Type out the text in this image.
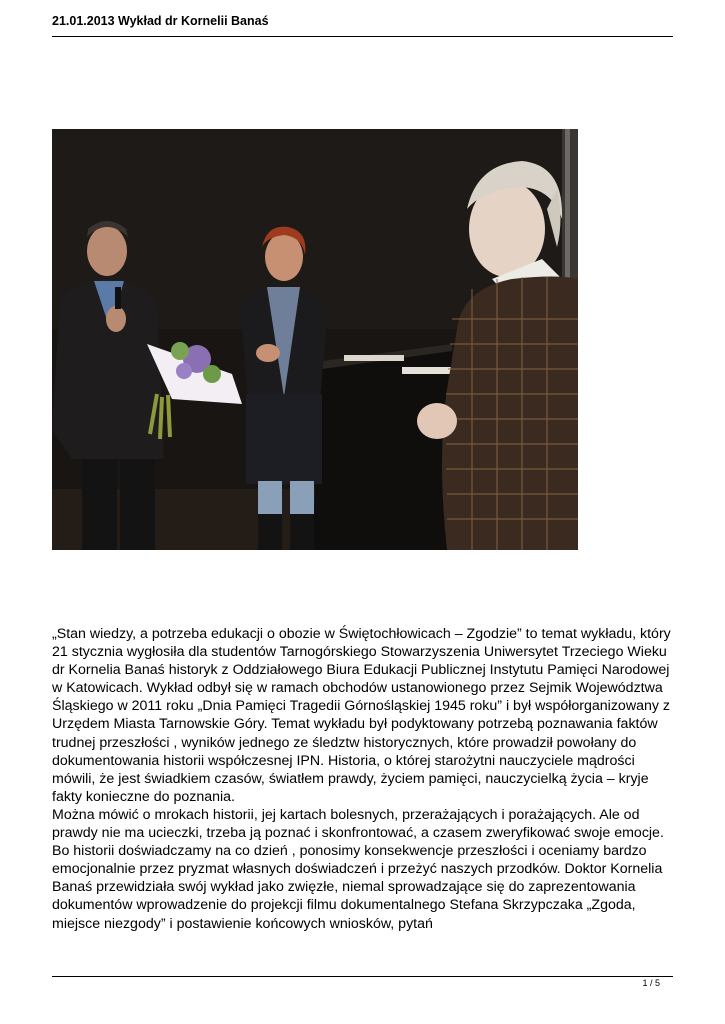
21.01.2013 Wykład dr Kornelii Banaś

„Stan wiedzy, a potrzeba edukacji o obozie w Świętochłowicach – Zgodzie” to temat wykładu, który 21 stycznia wygłosiła dla studentów Tarnogórskiego Stowarzyszenia Uniwersytet Trzeciego Wieku dr Kornelia Banaś historyk z Oddziałowego Biura Edukacji Publicznej Instytutu Pamięci Narodowej w Katowicach. Wykład odbył się w ramach obchodów ustanowionego przez Sejmik Województwa Śląskiego w 2011 roku „Dnia Pamięci Tragedii Górnośląskiej 1945 roku” i był współorganizowany z Urzędem Miasta Tarnowskie Góry. Temat wykładu był podyktowany potrzebą poznawania faktów trudnej przeszłości , wyników jednego ze śledztw historycznych, które prowadził powołany do dokumentowania historii współczesnej IPN. Historia, o której starożytni nauczyciele mądrości mówili, że jest świadkiem czasów, światłem prawdy, życiem pamięci, nauczycielką życia – kryje fakty konieczne do poznania.

Można mówić o mrokach historii, jej kartach bolesnych, przerażających i porażających. Ale od prawdy nie ma ucieczki, trzeba ją poznać i skonfrontować, a czasem zweryfikować swoje emocje. Bo historii doświadczamy na co dzień , ponosimy konsekwencje przeszłości i oceniamy bardzo emocjonalnie przez pryzmat własnych doświadczeń i przeżyć naszych przodków. Doktor Kornelia Banaś przewidziała swój wykład jako zwięzłe, niemal sprowadzające się do zaprezentowania dokumentów wprowadzenie do projekcji filmu dokumentalnego Stefana Skrzypczaka „Zgoda, miejsce niezgody” i postawienie końcowych wniosków, pytań

1 / 5
